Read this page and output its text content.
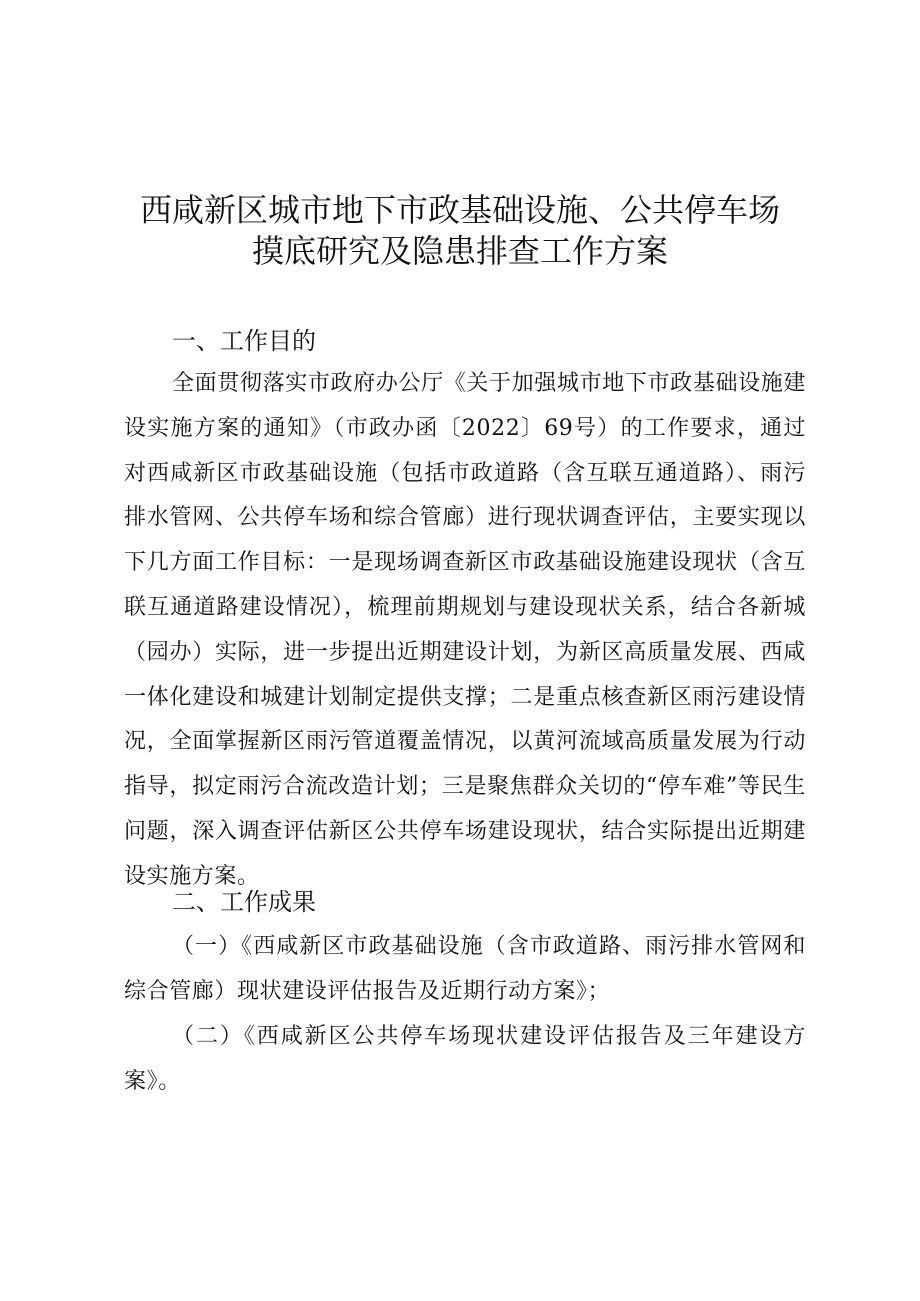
西咸新区城市地下市政基础设施、公共停车场
摸底研究及隐患排查工作方案
一、工作目的

全面贯彻落实市政府办公厅《关于加强城市地下市政基础设施建设实施方案的通知》（市政办函〔2022〕69号）的工作要求，通过对西咸新区市政基础设施（包括市政道路（含互联互通道路）、雨污排水管网、公共停车场和综合管廊）进行现状调查评估，主要实现以下几方面工作目标：一是现场调查新区市政基础设施建设现状（含互联互通道路建设情况），梳理前期规划与建设现状关系，结合各新城（园办）实际，进一步提出近期建设计划，为新区高质量发展、西咸一体化建设和城建计划制定提供支撑；二是重点核查新区雨污建设情况，全面掌握新区雨污管道覆盖情况，以黄河流域高质量发展为行动指导，拟定雨污合流改造计划；三是聚焦群众关切的“停车难”等民生问题，深入调查评估新区公共停车场建设现状，结合实际提出近期建设实施方案。

二、工作成果

（一）《西咸新区市政基础设施（含市政道路、雨污排水管网和综合管廊）现状建设评估报告及近期行动方案》；

（二）《西咸新区公共停车场现状建设评估报告及三年建设方案》。
